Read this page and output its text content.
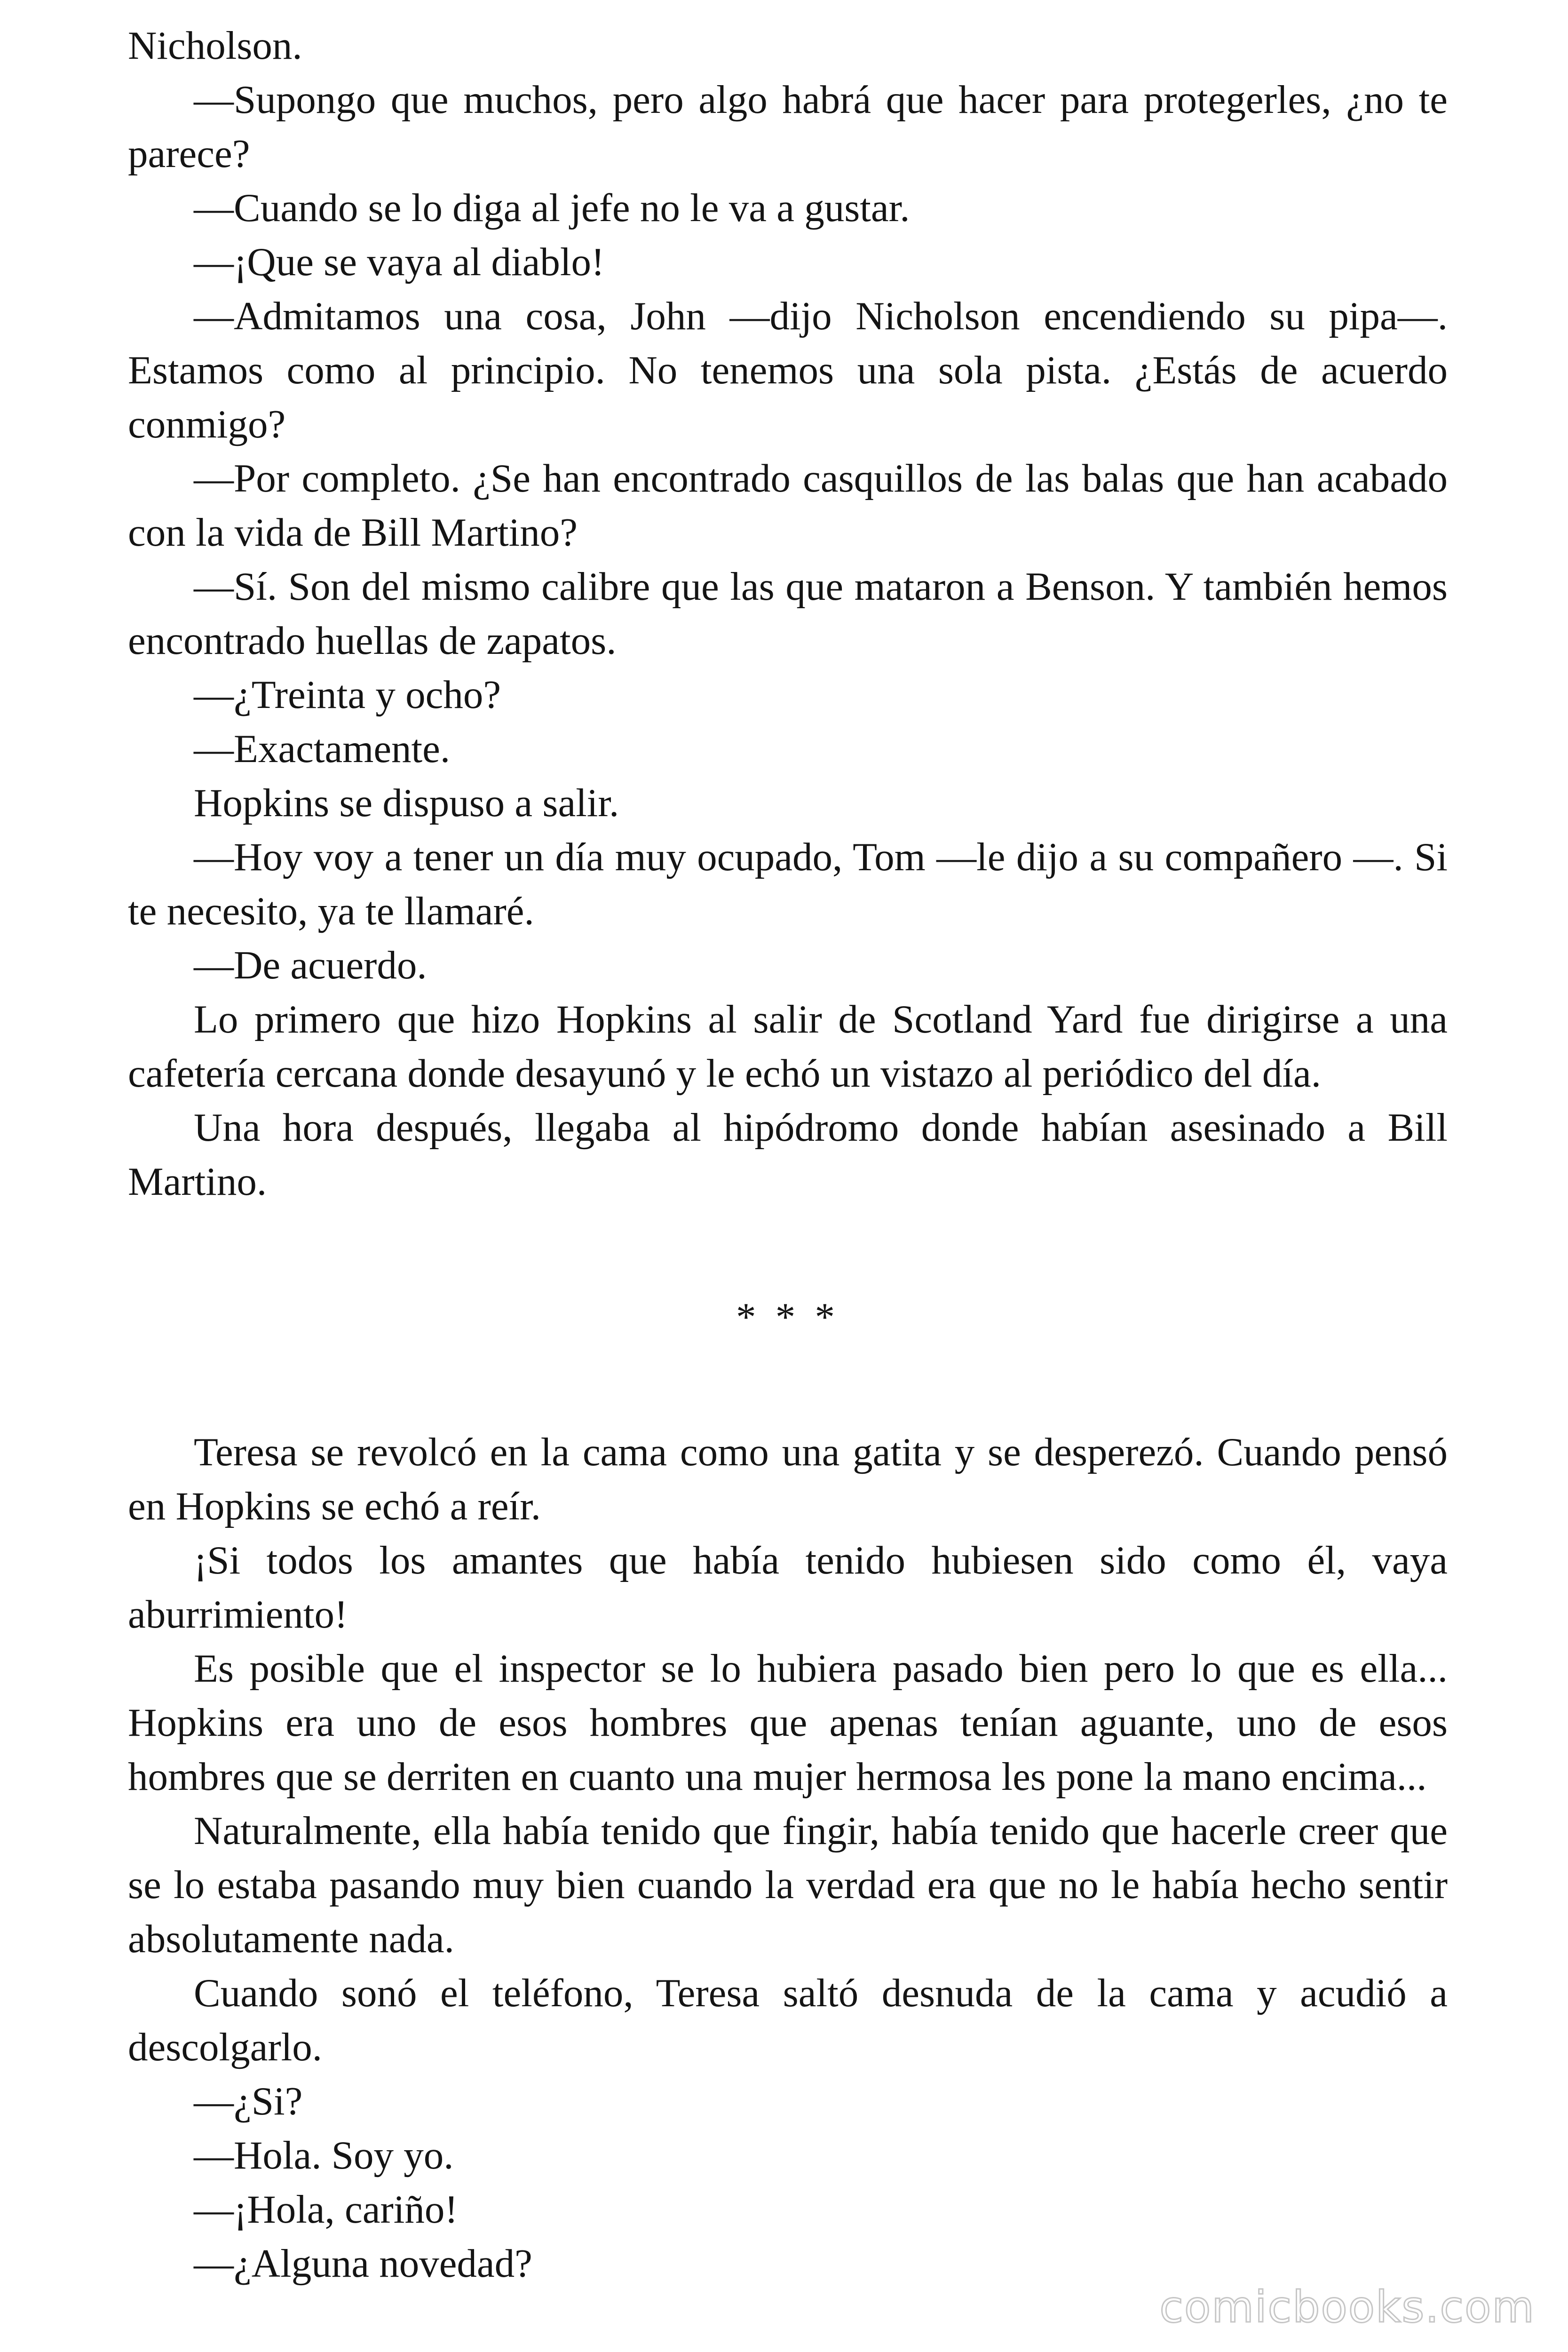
Nicholson.

—Supongo que muchos, pero algo habrá que hacer para protegerles, ¿no te parece?

—Cuando se lo diga al jefe no le va a gustar.

—¡Que se vaya al diablo!

—Admitamos una cosa, John —dijo Nicholson encendiendo su pipa—. Estamos como al principio. No tenemos una sola pista. ¿Estás de acuerdo conmigo?

—Por completo. ¿Se han encontrado casquillos de las balas que han acabado con la vida de Bill Martino?

—Sí. Son del mismo calibre que las que mataron a Benson. Y también hemos encontrado huellas de zapatos.

—¿Treinta y ocho?

—Exactamente.

Hopkins se dispuso a salir.

—Hoy voy a tener un día muy ocupado, Tom —le dijo a su compañero —. Si te necesito, ya te llamaré.

—De acuerdo.

Lo primero que hizo Hopkins al salir de Scotland Yard fue dirigirse a una cafetería cercana donde desayunó y le echó un vistazo al periódico del día.

Una hora después, llegaba al hipódromo donde habían asesinado a Bill Martino.

* * *

Teresa se revolcó en la cama como una gatita y se desperezó. Cuando pensó en Hopkins se echó a reír.

¡Si todos los amantes que había tenido hubiesen sido como él, vaya aburrimiento!

Es posible que el inspector se lo hubiera pasado bien pero lo que es ella... Hopkins era uno de esos hombres que apenas tenían aguante, uno de esos hombres que se derriten en cuanto una mujer hermosa les pone la mano encima...

Naturalmente, ella había tenido que fingir, había tenido que hacerle creer que se lo estaba pasando muy bien cuando la verdad era que no le había hecho sentir absolutamente nada.

Cuando sonó el teléfono, Teresa saltó desnuda de la cama y acudió a descolgarlo.

—¿Si?

—Hola. Soy yo.

—¡Hola, cariño!

—¿Alguna novedad?

comicbooks.com
